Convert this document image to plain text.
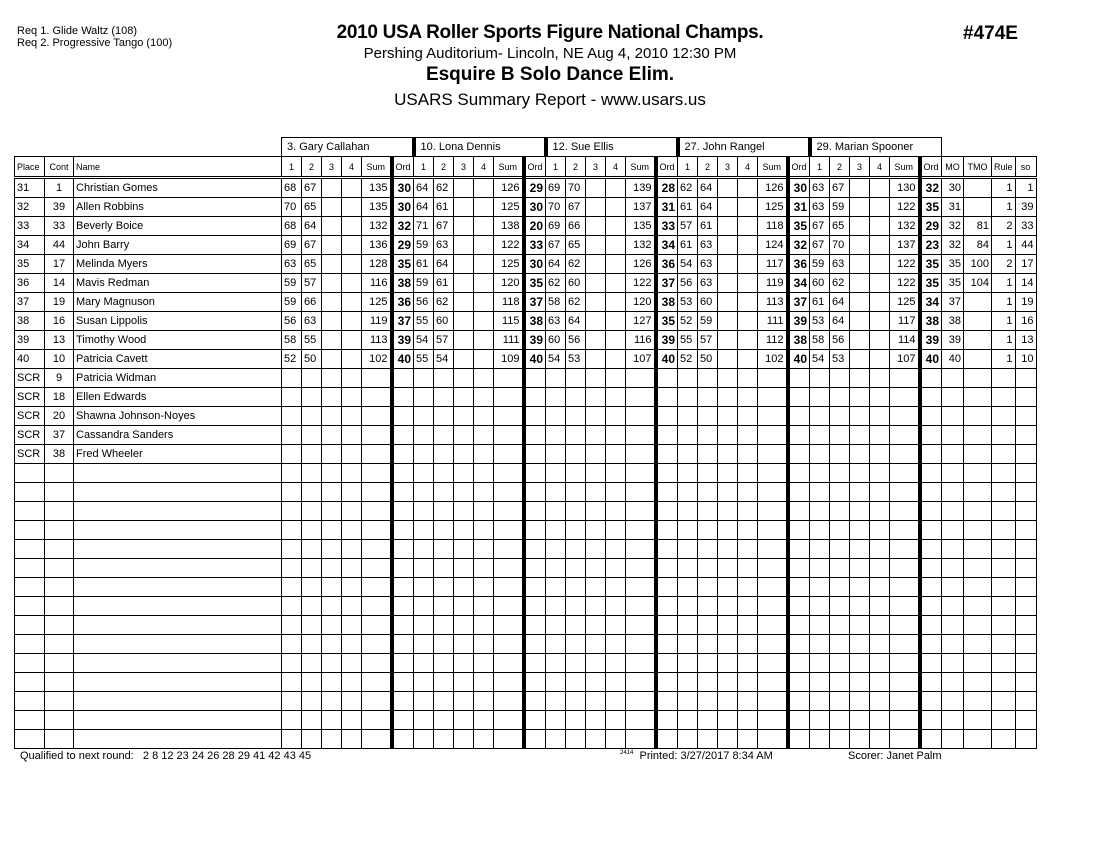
Req 1. Glide Waltz (108)
Req 2. Progressive Tango (100)	2010 USA Roller Sports Figure National Champs.
Pershing Auditorium- Lincoln, NE Aug 4, 2010 12:30 PM
Esquire B Solo Dance Elim.
USARS Summary Report - www.usars.us
#474E
			3. Gary Callahan						10. Lona Dennis						12. Sue Ellis						27. John Rangel						29. Marian Spooner									
Place	Cont	Name	1	2	3	4	Sum	Ord	1	2	3	4	Sum	Ord	1	2	3	4	Sum	Ord	1	2	3	4	Sum	Ord	1	2	3	4	Sum	Ord	MO	TMO	Rule	so
31	1	Christian Gomes	68	67			135	30	64	62			126	29	69	70			139	28	62	64			126	30	63	67			130	32	30		1	1
32	39	Allen Robbins	70	65			135	30	64	61			125	30	70	67			137	31	61	64			125	31	63	59			122	35	31		1	39
33	33	Beverly Boice	68	64			132	32	71	67			138	20	69	66			135	33	57	61			118	35	67	65			132	29	32	81	2	33
34	44	John Barry	69	67			136	29	59	63			122	33	67	65			132	34	61	63			124	32	67	70			137	23	32	84	1	44
35	17	Melinda Myers	63	65			128	35	61	64			125	30	64	62			126	36	54	63			117	36	59	63			122	35	35	100	2	17
36	14	Mavis Redman	59	57			116	38	59	61			120	35	62	60			122	37	56	63			119	34	60	62			122	35	35	104	1	14
37	19	Mary Magnuson	59	66			125	36	56	62			118	37	58	62			120	38	53	60			113	37	61	64			125	34	37		1	19
38	16	Susan Lippolis	56	63			119	37	55	60			115	38	63	64			127	35	52	59			111	39	53	64			117	38	38		1	16
39	13	Timothy Wood	58	55			113	39	54	57			111	39	60	56			116	39	55	57			112	38	58	56			114	39	39		1	13
40	10	Patricia Cavett	52	50			102	40	55	54			109	40	54	53			107	40	52	50			102	40	54	53			107	40	40		1	10
SCR	9	Patricia Widman																																		
SCR	18	Ellen Edwards																																		
SCR	20	Shawna Johnson-Noyes																																		
SCR	37	Cassandra Sanders																																		
SCR	38	Fred Wheeler																																		

Qualified to next round: 2 8 12 23 24 26 28 29 41 42 43 45	$^{2414}$ Printed: 3/27/2017 8:34 AM	Scorer: Janet Palm
